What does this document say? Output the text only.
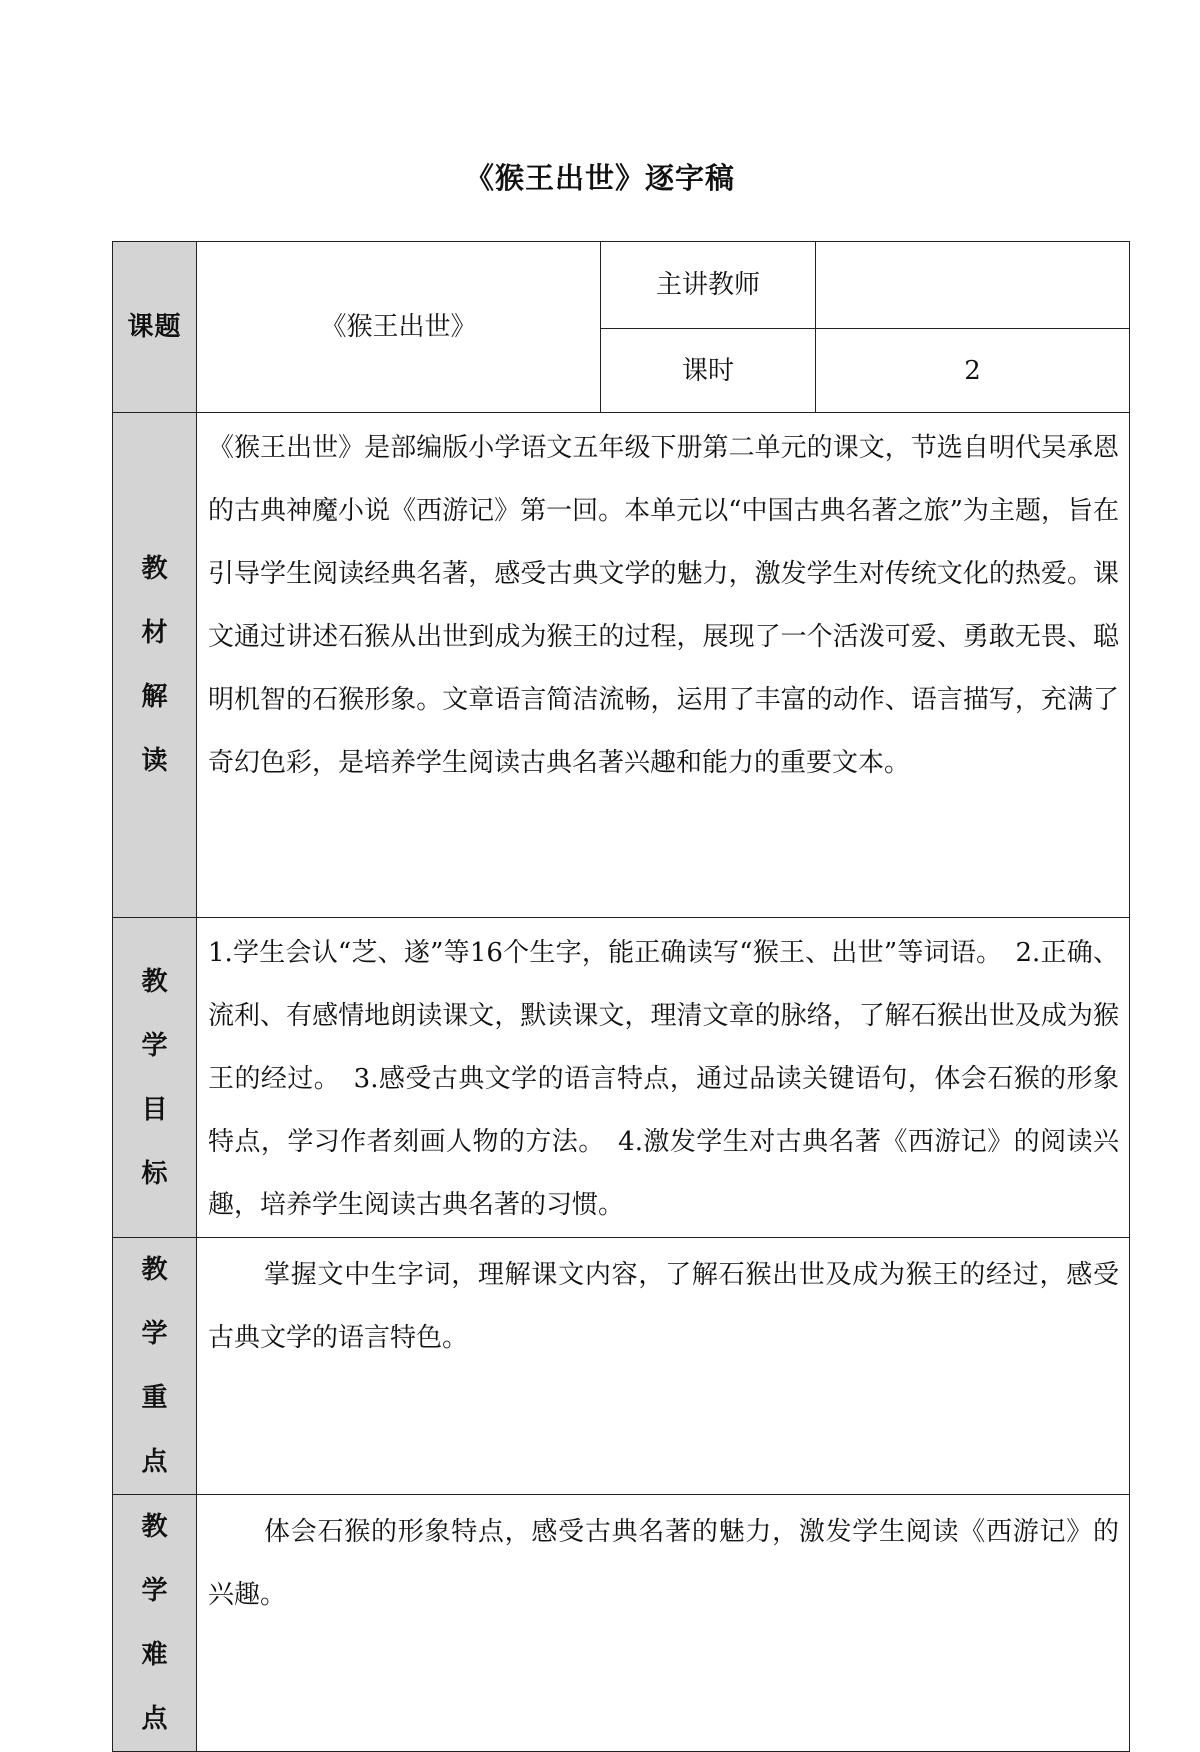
《猴王出世》逐字稿
课题	《猴王出世》	主讲教师	
		课时	2

教材
解读	《猴王出世》是部编版小学语文五年级下册第二单元的课文，节选自明代吴承恩的古典神魔小说《西游记》第一回。本单元以“中国古典名著之旅”为主题，旨在引导学生阅读经典名著，感受古典文学的魅力，激发学生对传统文化的热爱。课文通过讲述石猴从出世到成为猴王的过程，展现了一个活泼可爱、勇敢无畏、聪明机智的石猴形象。文章语言简洁流畅，运用了丰富的动作、语言描写，充满了奇幻色彩，是培养学生阅读古典名著兴趣和能力的重要文本。		

教学
目标	1.学生会认“芝、遂”等16个生字，能正确读写“猴王、出世”等词语。　2.正确、流利、有感情地朗读课文，默读课文，理清文章的脉络，了解石猴出世及成为猴王的经过。　3.感受古典文学的语言特点，通过品读关键语句，体会石猴的形象特点，学习作者刻画人物的方法。　4.激发学生对古典名著《西游记》的阅读兴趣，培养学生阅读古典名著的习惯。		

教学
重点	掌握文中生字词，理解课文内容，了解石猴出世及成为猴王的经过，感受古典文学的语言特色。		

教学
难点	体会石猴的形象特点，感受古典名著的魅力，激发学生阅读《西游记》的兴趣。		
